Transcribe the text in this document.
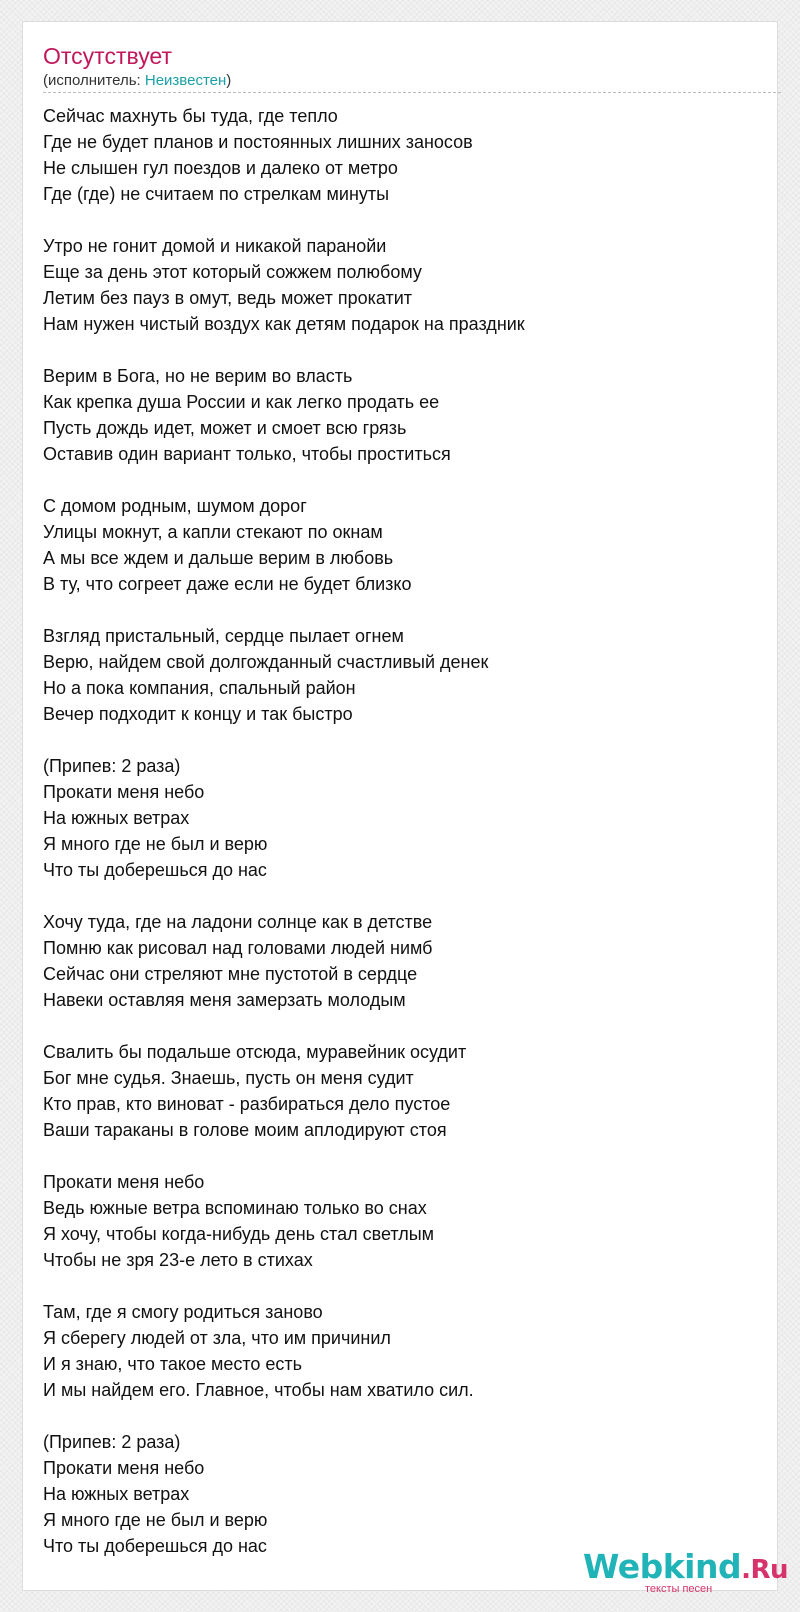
Отсутствует
(исполнитель: Неизвестен)
Сейчас махнуть бы туда, где тепло
Где не будет планов и постоянных лишних заносов
Не слышен гул поездов и далеко от метро
Где (где) не считаем по стрелкам минуты
Утро не гонит домой и никакой паранойи
Еще за день этот который сожжем полюбому
Летим без пауз в омут, ведь может прокатит
Нам нужен чистый воздух как детям подарок на праздник
Верим в Бога, но не верим во власть
Как крепка душа России и как легко продать ее
Пусть дождь идет, может и смоет всю грязь
Оставив один вариант только, чтобы проститься
С домом родным, шумом дорог
Улицы мокнут, а капли стекают по окнам
А мы все ждем и дальше верим в любовь
В ту, что согреет даже если не будет близко
Взгляд пристальный, сердце пылает огнем
Верю, найдем свой долгожданный счастливый денек
Но а пока компания, спальный район
Вечер подходит к концу и так быстро
(Припев: 2 раза)
Прокати меня небо
На южных ветрах
Я много где не был и верю
Что ты доберешься до нас
Хочу туда, где на ладони солнце как в детстве
Помню как рисовал над головами людей нимб
Сейчас они стреляют мне пустотой в сердце
Навеки оставляя меня замерзать молодым
Свалить бы подальше отсюда, муравейник осудит
Бог мне судья. Знаешь, пусть он меня судит
Кто прав, кто виноват - разбираться дело пустое
Ваши тараканы в голове моим аплодируют стоя
Прокати меня небо
Ведь южные ветра вспоминаю только во снах
Я хочу, чтобы когда-нибудь день стал светлым
Чтобы не зря 23-е лето в стихах
Там, где я смогу родиться заново
Я сберегу людей от зла, что им причинил
И я знаю, что такое место есть
И мы найдем его. Главное, чтобы нам хватило сил.
(Припев: 2 раза)
Прокати меня небо
На южных ветрах
Я много где не был и верю
Что ты доберешься до нас
Webkind.Ru
тексты песен
